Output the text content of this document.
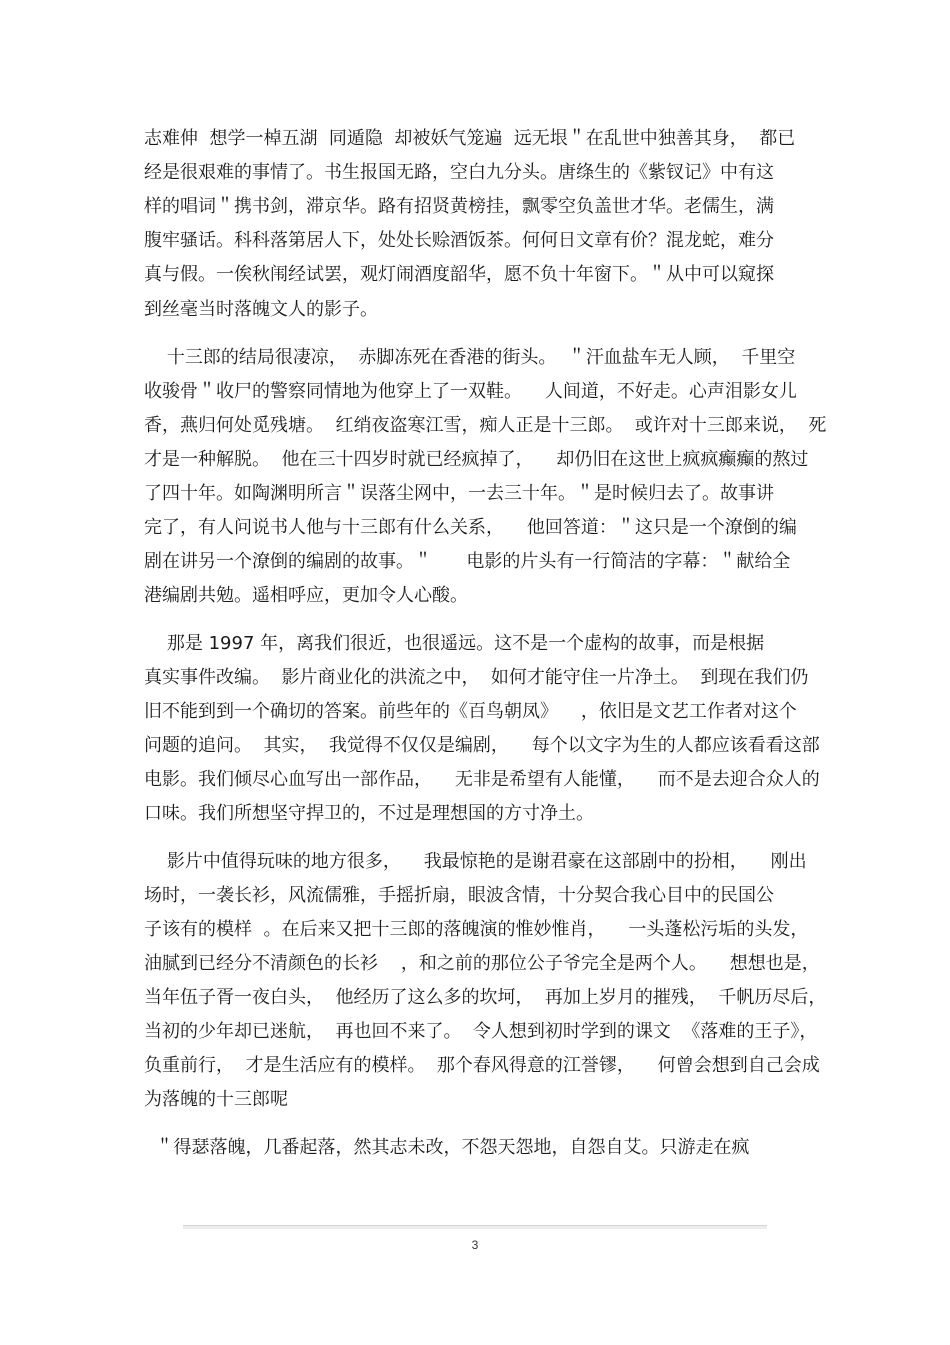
志难伸  想学一棹五湖  同遁隐  却被妖气笼遍  远无垠＂在乱世中独善其身，  都已
经是很艰难的事情了。书生报国无路，空白九分头。唐绦生的《紫钗记》中有这
样的唱词＂携书剑，滞京华。路有招贤黄榜挂，飘零空负盖世才华。老儒生，满
腹牢骚话。科科落第居人下，处处长赊酒饭茶。何何日文章有价？混龙蛇，难分
真与假。一俟秋闱经试罢，观灯闹酒度韶华，愿不负十年窗下。＂从中可以窥探
到丝毫当时落魄文人的影子。
十三郎的结局很凄凉，  赤脚冻死在香港的街头。  ＂汗血盐车无人顾，  千里空
收骏骨＂收尸的警察同情地为他穿上了一双鞋。    人间道，不好走。心声泪影女儿
香，燕归何处觅残塘。  红绡夜盗寒江雪，痴人正是十三郎。  或许对十三郎来说，  死
才是一种解脱。  他在三十四岁时就已经疯掉了，    却仍旧在这世上疯疯癫癫的熬过
了四十年。如陶渊明所言＂误落尘网中，一去三十年。＂是时候归去了。故事讲
完了，有人问说书人他与十三郎有什么关系，    他回答道：＂这只是一个潦倒的编
剧在讲另一个潦倒的编剧的故事。＂      电影的片头有一行简洁的字幕：＂献给全
港编剧共勉。遥相呼应，更加令人心酸。
那是 1997 年，离我们很近，也很遥远。这不是一个虚构的故事，而是根据
真实事件改编。  影片商业化的洪流之中，  如何才能守住一片净土。  到现在我们仍
旧不能到到一个确切的答案。前些年的《百鸟朝凤》    ，依旧是文艺工作者对这个
问题的追问。  其实，  我觉得不仅仅是编剧，    每个以文字为生的人都应该看看这部
电影。我们倾尽心血写出一部作品，    无非是希望有人能懂，    而不是去迎合众人的
口味。我们所想坚守捍卫的，不过是理想国的方寸净土。
影片中值得玩味的地方很多，    我最惊艳的是谢君豪在这部剧中的扮相，    刚出
场时，一袭长衫，风流儒雅，手摇折扇，眼波含情，十分契合我心目中的民国公
子该有的模样  。在后来又把十三郎的落魄演的惟妙惟肖，    一头蓬松污垢的头发，
油腻到已经分不清颜色的长衫    ，和之前的那位公子爷完全是两个人。    想想也是，
当年伍子胥一夜白头，  他经历了这么多的坎坷，  再加上岁月的摧残，  千帆历尽后，
当初的少年却已迷航，  再也回不来了。  令人想到初时学到的课文  《落难的王子》，
负重前行，  才是生活应有的模样。  那个春风得意的江誉镠，    何曾会想到自己会成
为落魄的十三郎呢
＂得瑟落魄，几番起落，然其志未改，不怨天怨地，自怨自艾。只游走在疯
3
